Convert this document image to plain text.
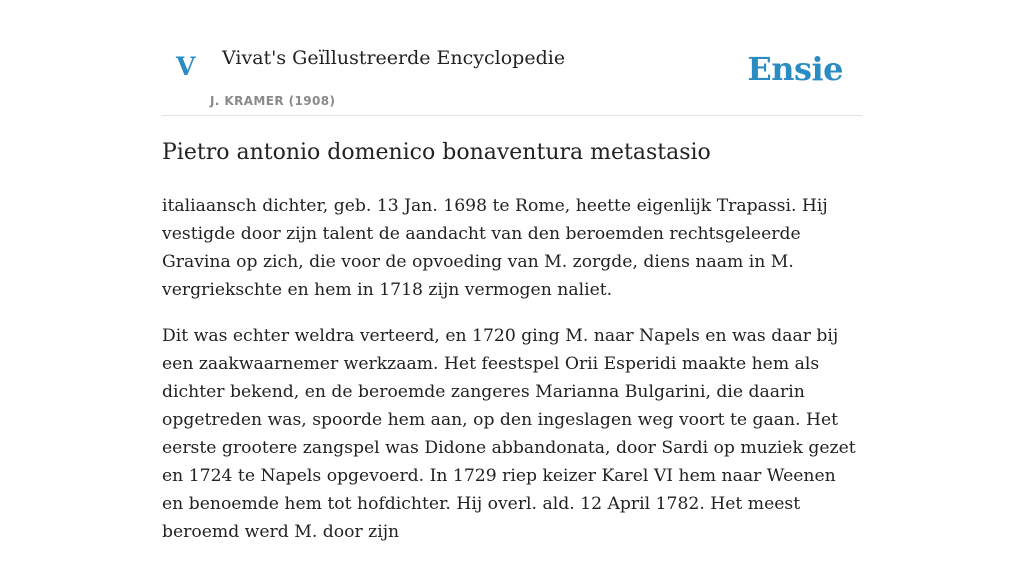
V Vivat's Geïllustreerde Encyclopedie
J. KRAMER (1908)
Ensie
Pietro antonio domenico bonaventura metastasio

italiaansch dichter, geb. 13 Jan. 1698 te Rome, heette eigenlijk Trapassi. Hij vestigde door zijn talent de aandacht van den beroemden rechtsgeleerde Gravina op zich, die voor de opvoeding van M. zorgde, diens naam in M. vergriekschte en hem in 1718 zijn vermogen naliet.

Dit was echter weldra verteerd, en 1720 ging M. naar Napels en was daar bij een zaakwaarnemer werkzaam. Het feestspel Orii Esperidi maakte hem als dichter bekend, en de beroemde zangeres Marianna Bulgarini, die daarin opgetreden was, spoorde hem aan, op den ingeslagen weg voort te gaan. Het eerste grootere zangspel was Didone abbandonata, door Sardi op muziek gezet en 1724 te Napels opgevoerd. In 1729 riep keizer Karel VI hem naar Weenen en benoemde hem tot hofdichter. Hij overl. ald. 12 April 1782. Het meest beroemd werd M. door zijn
